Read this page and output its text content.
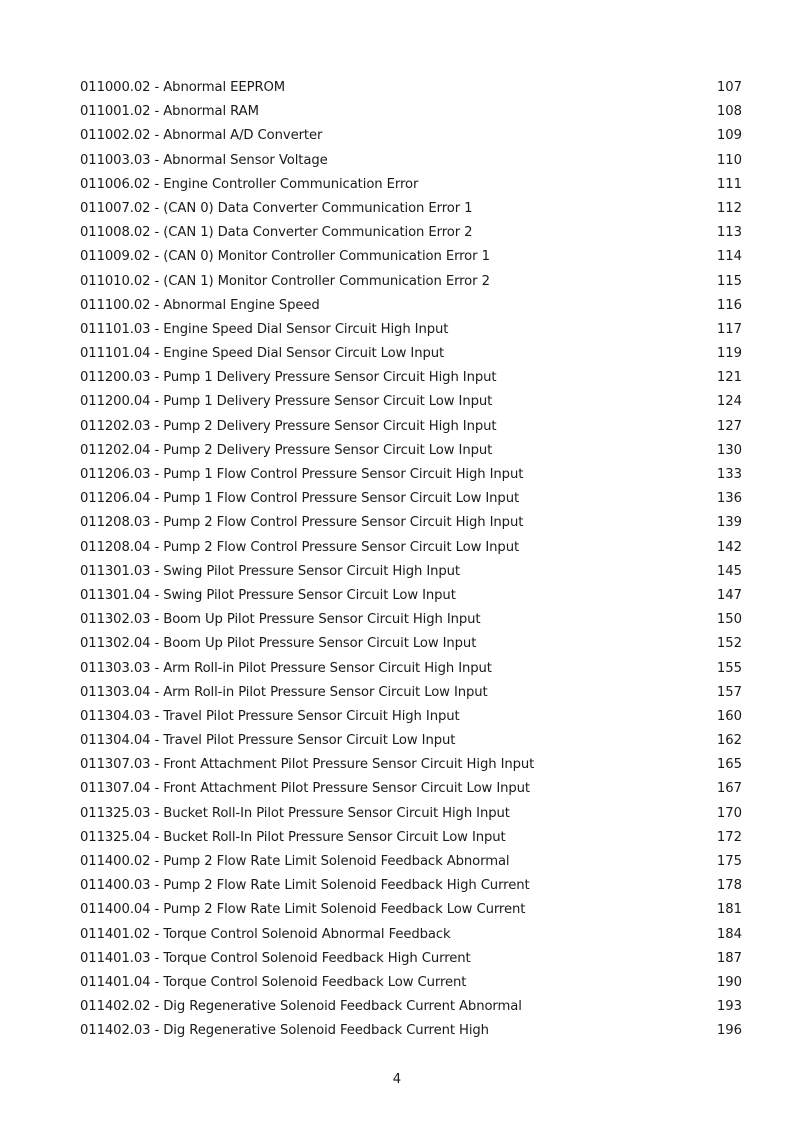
011000.02 - Abnormal EEPROM	107
011001.02 - Abnormal RAM	108
011002.02 - Abnormal A/D Converter	109
011003.03 - Abnormal Sensor Voltage	110
011006.02 - Engine Controller Communication Error	111
011007.02 - (CAN 0) Data Converter Communication Error 1	112
011008.02 - (CAN 1) Data Converter Communication Error 2	113
011009.02 - (CAN 0) Monitor Controller Communication Error 1	114
011010.02 - (CAN 1) Monitor Controller Communication Error 2	115
011100.02 - Abnormal Engine Speed	116
011101.03 - Engine Speed Dial Sensor Circuit High Input	117
011101.04 - Engine Speed Dial Sensor Circuit Low Input	119
011200.03 - Pump 1 Delivery Pressure Sensor Circuit High Input	121
011200.04 - Pump 1 Delivery Pressure Sensor Circuit Low Input	124
011202.03 - Pump 2 Delivery Pressure Sensor Circuit High Input	127
011202.04 - Pump 2 Delivery Pressure Sensor Circuit Low Input	130
011206.03 - Pump 1 Flow Control Pressure Sensor Circuit High Input	133
011206.04 - Pump 1 Flow Control Pressure Sensor Circuit Low Input	136
011208.03 - Pump 2 Flow Control Pressure Sensor Circuit High Input	139
011208.04 - Pump 2 Flow Control Pressure Sensor Circuit Low Input	142
011301.03 - Swing Pilot Pressure Sensor Circuit High Input	145
011301.04 - Swing Pilot Pressure Sensor Circuit Low Input	147
011302.03 - Boom Up Pilot Pressure Sensor Circuit High Input	150
011302.04 - Boom Up Pilot Pressure Sensor Circuit Low Input	152
011303.03 - Arm Roll-in Pilot Pressure Sensor Circuit High Input	155
011303.04 - Arm Roll-in Pilot Pressure Sensor Circuit Low Input	157
011304.03 - Travel Pilot Pressure Sensor Circuit High Input	160
011304.04 - Travel Pilot Pressure Sensor Circuit Low Input	162
011307.03 - Front Attachment Pilot Pressure Sensor Circuit High Input	165
011307.04 - Front Attachment Pilot Pressure Sensor Circuit Low Input	167
011325.03 - Bucket Roll-In Pilot Pressure Sensor Circuit High Input	170
011325.04 - Bucket Roll-In Pilot Pressure Sensor Circuit Low Input	172
011400.02 - Pump 2 Flow Rate Limit Solenoid Feedback Abnormal	175
011400.03 - Pump 2 Flow Rate Limit Solenoid Feedback High Current	178
011400.04 - Pump 2 Flow Rate Limit Solenoid Feedback Low Current	181
011401.02 - Torque Control Solenoid Abnormal Feedback	184
011401.03 - Torque Control Solenoid Feedback High Current	187
011401.04 - Torque Control Solenoid Feedback Low Current	190
011402.02 - Dig Regenerative Solenoid Feedback Current Abnormal	193
011402.03 - Dig Regenerative Solenoid Feedback Current High	196
4
